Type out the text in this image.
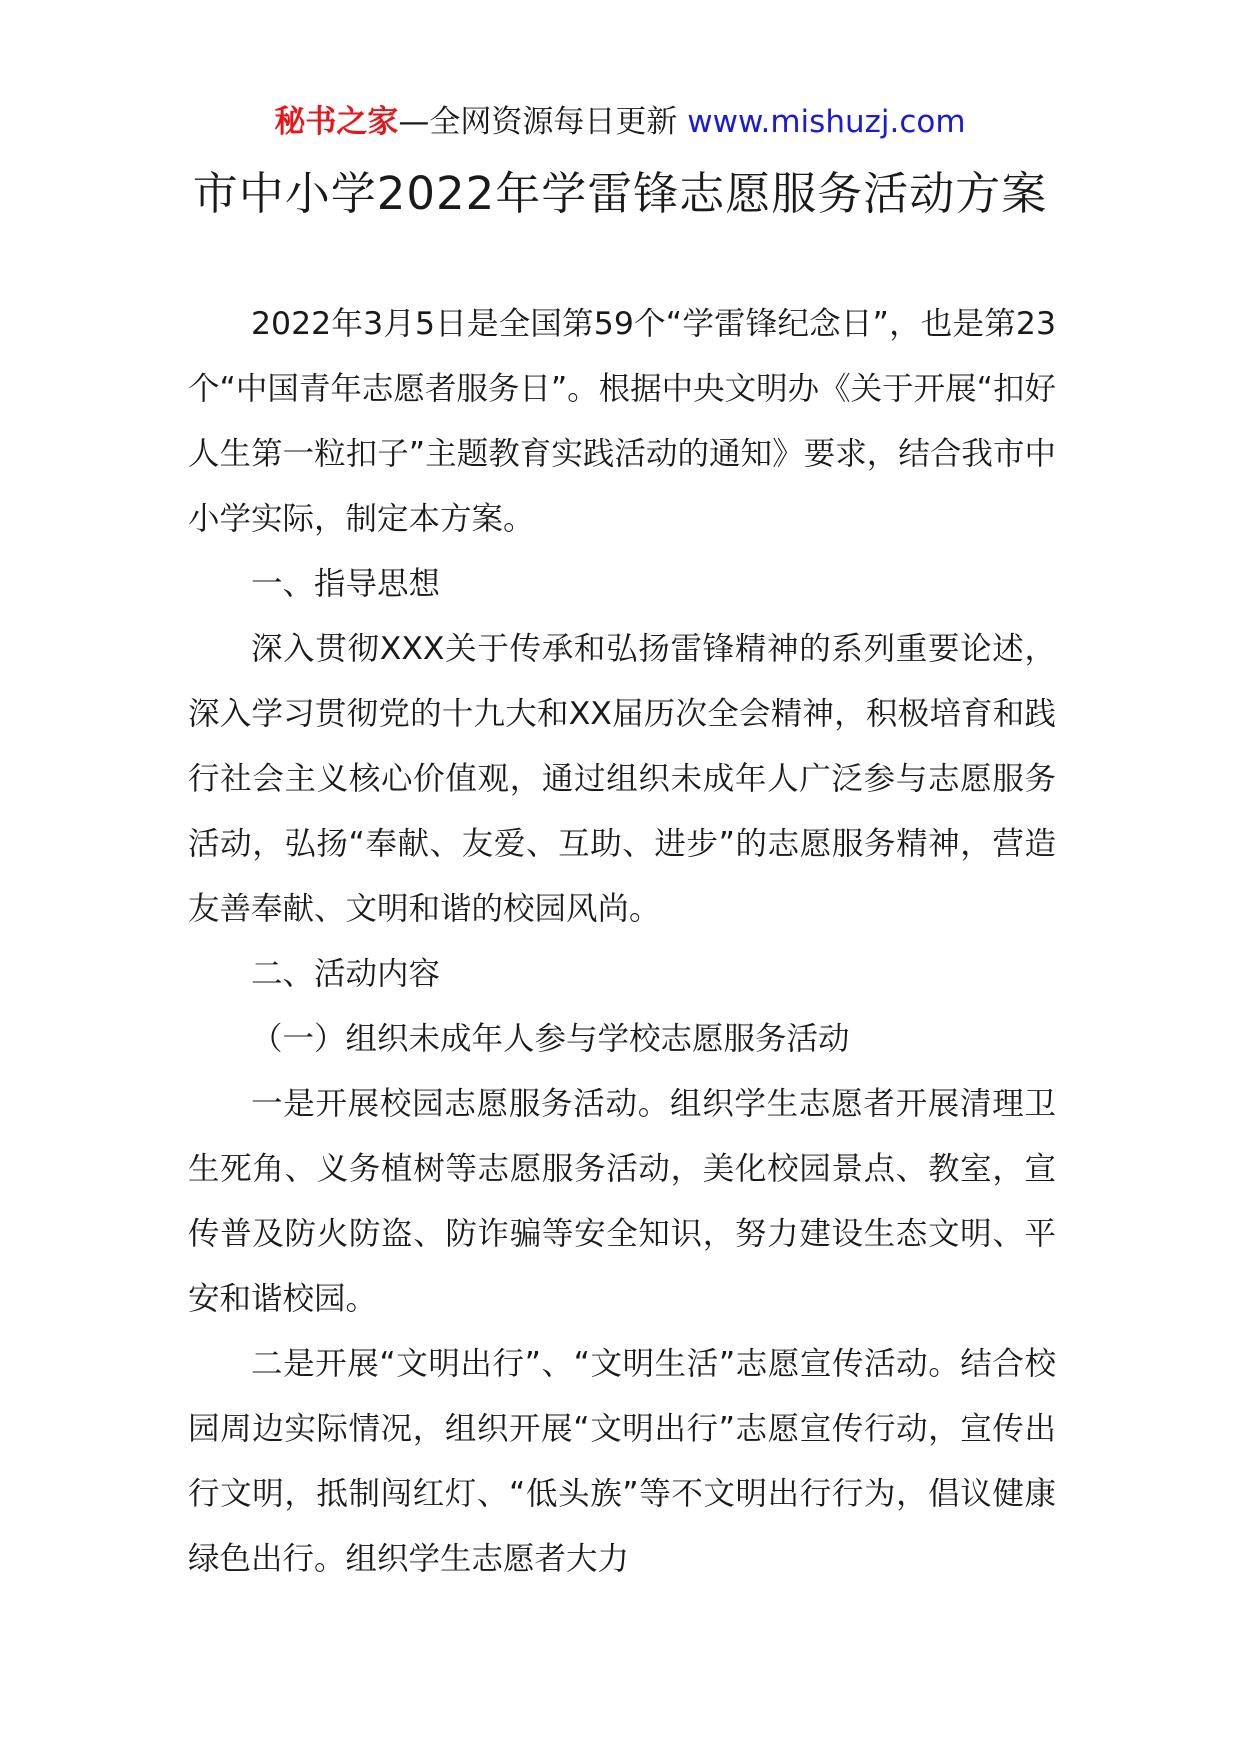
秘书之家—全网资源每日更新 www.mishuzj.com
市中小学2022年学雷锋志愿服务活动方案

2022年3月5日是全国第59个“学雷锋纪念日”，也是第23个“中国青年志愿者服务日”。根据中央文明办《关于开展“扣好人生第一粒扣子”主题教育实践活动的通知》要求，结合我市中小学实际，制定本方案。

一、指导思想

深入贯彻XXX关于传承和弘扬雷锋精神的系列重要论述，深入学习贯彻党的十九大和XX届历次全会精神，积极培育和践行社会主义核心价值观，通过组织未成年人广泛参与志愿服务活动，弘扬“奉献、友爱、互助、进步”的志愿服务精神，营造友善奉献、文明和谐的校园风尚。

二、活动内容

（一）组织未成年人参与学校志愿服务活动

一是开展校园志愿服务活动。组织学生志愿者开展清理卫生死角、义务植树等志愿服务活动，美化校园景点、教室，宣传普及防火防盗、防诈骗等安全知识，努力建设生态文明、平安和谐校园。

二是开展“文明出行”、“文明生活”志愿宣传活动。结合校园周边实际情况，组织开展“文明出行”志愿宣传行动，宣传出行文明，抵制闯红灯、“低头族”等不文明出行行为，倡议健康绿色出行。组织学生志愿者大力
